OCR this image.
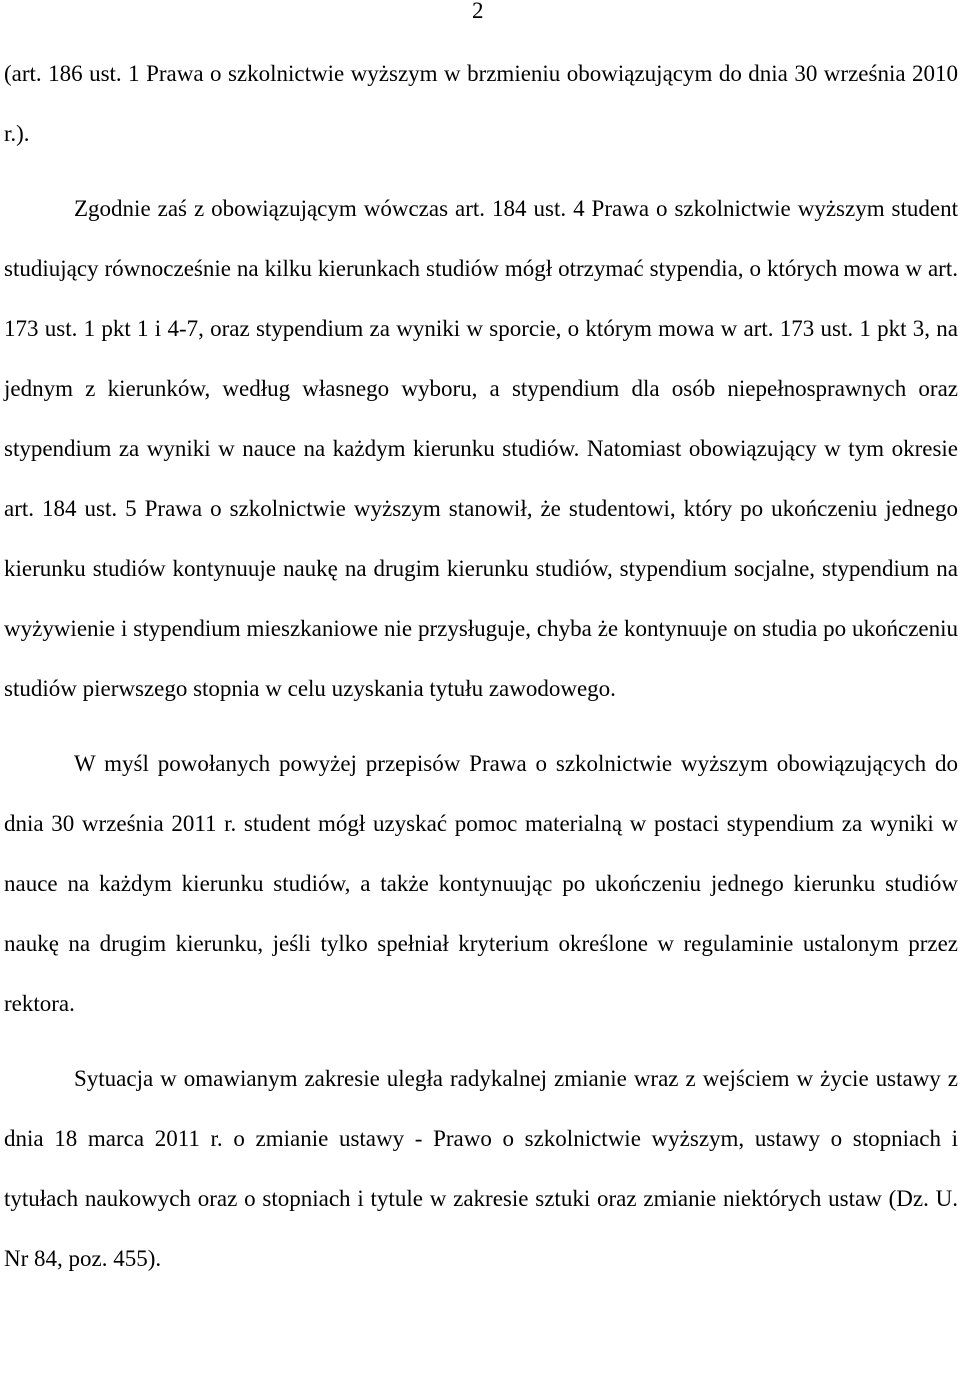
2

(art. 186 ust. 1 Prawa o szkolnictwie wyższym w brzmieniu obowiązującym do dnia 30 września 2010 r.).

Zgodnie zaś z obowiązującym wówczas art. 184 ust. 4 Prawa o szkolnictwie wyższym student studiujący równocześnie na kilku kierunkach studiów mógł otrzymać stypendia, o których mowa w art. 173 ust. 1 pkt 1 i 4-7, oraz stypendium za wyniki w sporcie, o którym mowa w art. 173 ust. 1 pkt 3, na jednym z kierunków, według własnego wyboru, a stypendium dla osób niepełnosprawnych oraz stypendium za wyniki w nauce na każdym kierunku studiów. Natomiast obowiązujący w tym okresie art. 184 ust. 5 Prawa o szkolnictwie wyższym stanowił, że studentowi, który po ukończeniu jednego kierunku studiów kontynuuje naukę na drugim kierunku studiów, stypendium socjalne, stypendium na wyżywienie i stypendium mieszkaniowe nie przysługuje, chyba że kontynuuje on studia po ukończeniu studiów pierwszego stopnia w celu uzyskania tytułu zawodowego.

W myśl powołanych powyżej przepisów Prawa o szkolnictwie wyższym obowiązujących do dnia 30 września 2011 r. student mógł uzyskać pomoc materialną w postaci stypendium za wyniki w nauce na każdym kierunku studiów, a także kontynuując po ukończeniu jednego kierunku studiów naukę na drugim kierunku, jeśli tylko spełniał kryterium określone w regulaminie ustalonym przez rektora.

Sytuacja w omawianym zakresie uległa radykalnej zmianie wraz z wejściem w życie ustawy z dnia 18 marca 2011 r. o zmianie ustawy - Prawo o szkolnictwie wyższym, ustawy o stopniach i tytułach naukowych oraz o stopniach i tytule w zakresie sztuki oraz zmianie niektórych ustaw (Dz. U. Nr 84, poz. 455).
